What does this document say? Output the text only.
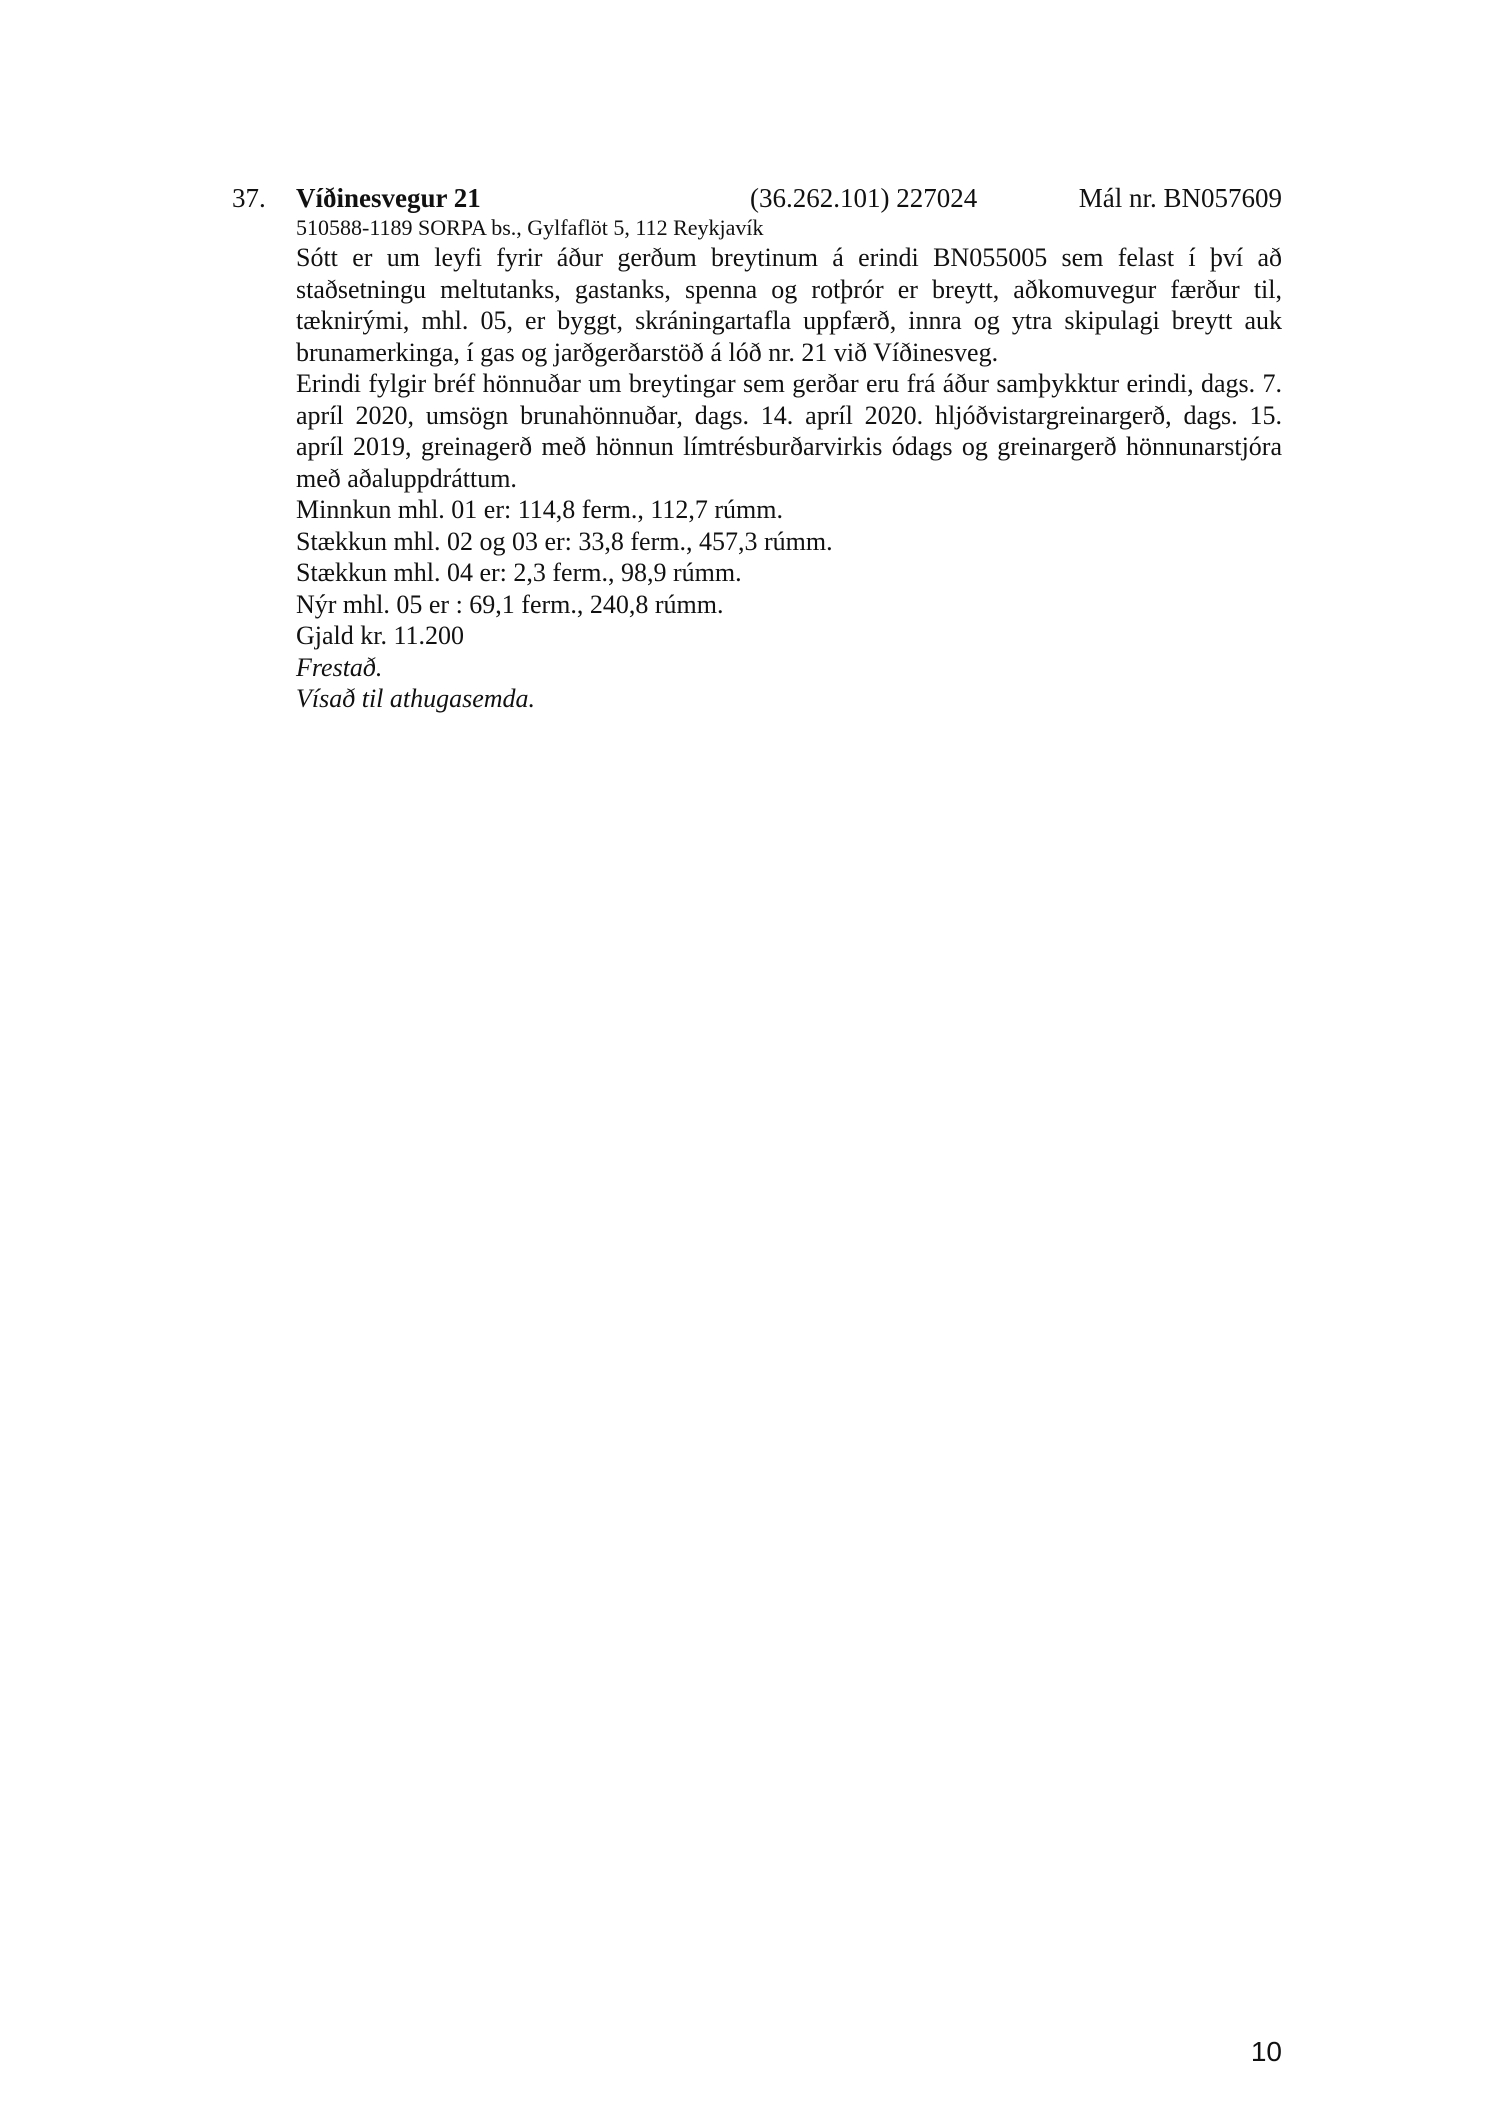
37. Víðinesvegur 21	(36.262.101) 227024	Mál nr. BN057609
510588-1189 SORPA bs., Gylfaflöt 5, 112 Reykjavík
Sótt er um leyfi fyrir áður gerðum breytinum á erindi BN055005 sem felast í því að staðsetningu meltutanks, gastanks, spenna og rotþrór er breytt, aðkomuvegur færður til, tæknirými, mhl. 05, er byggt, skráningartafla uppfærð, innra og ytra skipulagi breytt auk brunamerkinga, í gas og jarðgerðarstöð á lóð nr. 21 við Víðinesveg.
Erindi fylgir bréf hönnuðar um breytingar sem gerðar eru frá áður samþykktur erindi, dags. 7. apríl 2020, umsögn brunahönnuðar, dags. 14. apríl 2020. hljóðvistargreinargerð, dags. 15. apríl 2019, greinagerð með hönnun límtrésburðarvirkis ódags og greinargerð hönnunarstjóra með aðaluppdráttum.
Minnkun mhl. 01 er: 114,8 ferm., 112,7 rúmm.
Stækkun mhl. 02 og 03 er: 33,8 ferm., 457,3 rúmm.
Stækkun mhl. 04 er: 2,3 ferm., 98,9 rúmm.
Nýr mhl. 05 er : 69,1 ferm., 240,8 rúmm.
Gjald kr. 11.200
Frestað.
Vísað til athugasemda.
10
